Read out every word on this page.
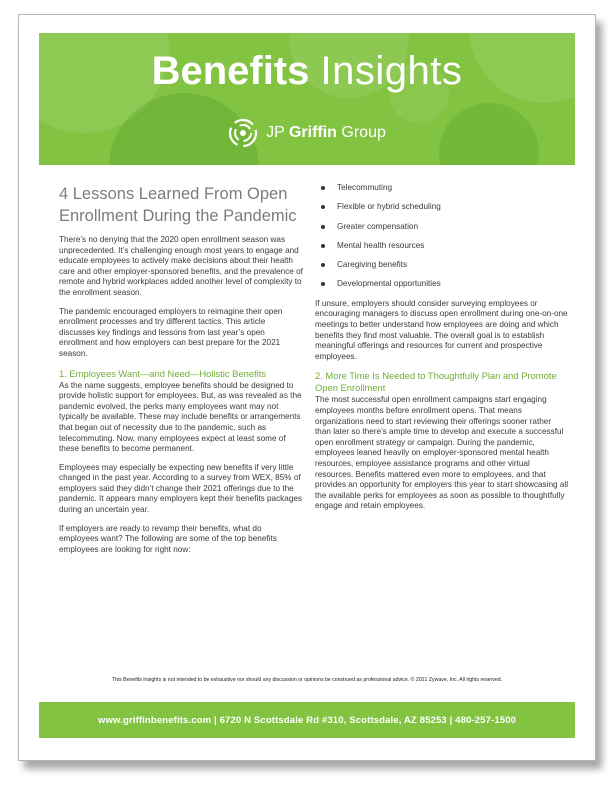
Benefits Insights
JP Griffin Group
4 Lessons Learned From Open Enrollment During the Pandemic

There’s no denying that the 2020 open enrollment season was unprecedented. It’s challenging enough most years to engage and educate employees to actively make decisions about their health care and other employer-sponsored benefits, and the prevalence of remote and hybrid workplaces added another level of complexity to the enrollment season.

The pandemic encouraged employers to reimagine their open enrollment processes and try different tactics. This article discusses key findings and lessons from last year’s open enrollment and how employers can best prepare for the 2021 season.

1. Employees Want—and Need—Holistic Benefits

As the name suggests, employee benefits should be designed to provide holistic support for employees. But, as was revealed as the pandemic evolved, the perks many employees want may not typically be available. These may include benefits or arrangements that began out of necessity due to the pandemic, such as telecommuting. Now, many employees expect at least some of these benefits to become permanent.

Employees may especially be expecting new benefits if very little changed in the past year. According to a survey from WEX, 85% of employers said they didn’t change their 2021 offerings due to the pandemic. It appears many employers kept their benefits packages during an uncertain year.

If employers are ready to revamp their benefits, what do employees want? The following are some of the top benefits employees are looking for right now:

Telecommuting
Flexible or hybrid scheduling
Greater compensation
Mental health resources
Caregiving benefits
Developmental opportunities

If unsure, employers should consider surveying employees or encouraging managers to discuss open enrollment during one-on-one meetings to better understand how employees are doing and which benefits they find most valuable. The overall goal is to establish meaningful offerings and resources for current and prospective employees.

2. More Time Is Needed to Thoughtfully Plan and Promote Open Enrollment

The most successful open enrollment campaigns start engaging employees months before enrollment opens. That means organizations need to start reviewing their offerings sooner rather than later so there’s ample time to develop and execute a successful open enrollment strategy or campaign. During the pandemic, employees leaned heavily on employer-sponsored mental health resources, employee assistance programs and other virtual resources. Benefits mattered even more to employees, and that provides an opportunity for employers this year to start showcasing all the available perks for employees as soon as possible to thoughtfully engage and retain employees.

This Benefits Insights is not intended to be exhaustive nor should any discussion or opinions be construed as professional advice. © 2021 Zywave, Inc. All rights reserved.
www.griffinbenefits.com | 6720 N Scottsdale Rd #310, Scottsdale, AZ 85253 | 480-257-1500
